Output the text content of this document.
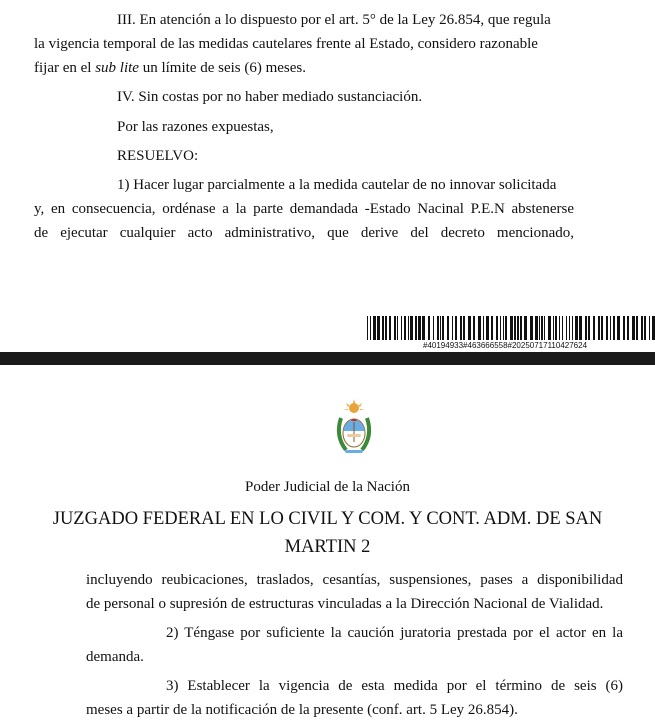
III. En atención a lo dispuesto por el art. 5° de la Ley 26.854, que regula
la vigencia temporal de las medidas cautelares frente al Estado, considero razonable
fijar en el sub lite un límite de seis (6) meses.
IV. Sin costas por no haber mediado sustanciación.
Por las razones expuestas,
RESUELVO:
1) Hacer lugar parcialmente a la medida cautelar de no innovar solicitada
y, en consecuencia, ordénase a la parte demandada -Estado Nacinal P.E.N abstenerse
de ejecutar cualquier acto administrativo, que derive del decreto mencionado,
#40194933#463666558#20250717110427624
Poder Judicial de la Nación
JUZGADO FEDERAL EN LO CIVIL Y COM. Y CONT. ADM. DE SAN
MARTIN 2
incluyendo reubicaciones, traslados, cesantías, suspensiones, pases a disponibilidad
de personal o supresión de estructuras vinculadas a la Dirección Nacional de Vialidad.
2) Téngase por suficiente la caución juratoria prestada por el actor en la
demanda.
3) Establecer la vigencia de esta medida por el término de seis (6)
meses a partir de la notificación de la presente (conf. art. 5 Ley 26.854).
